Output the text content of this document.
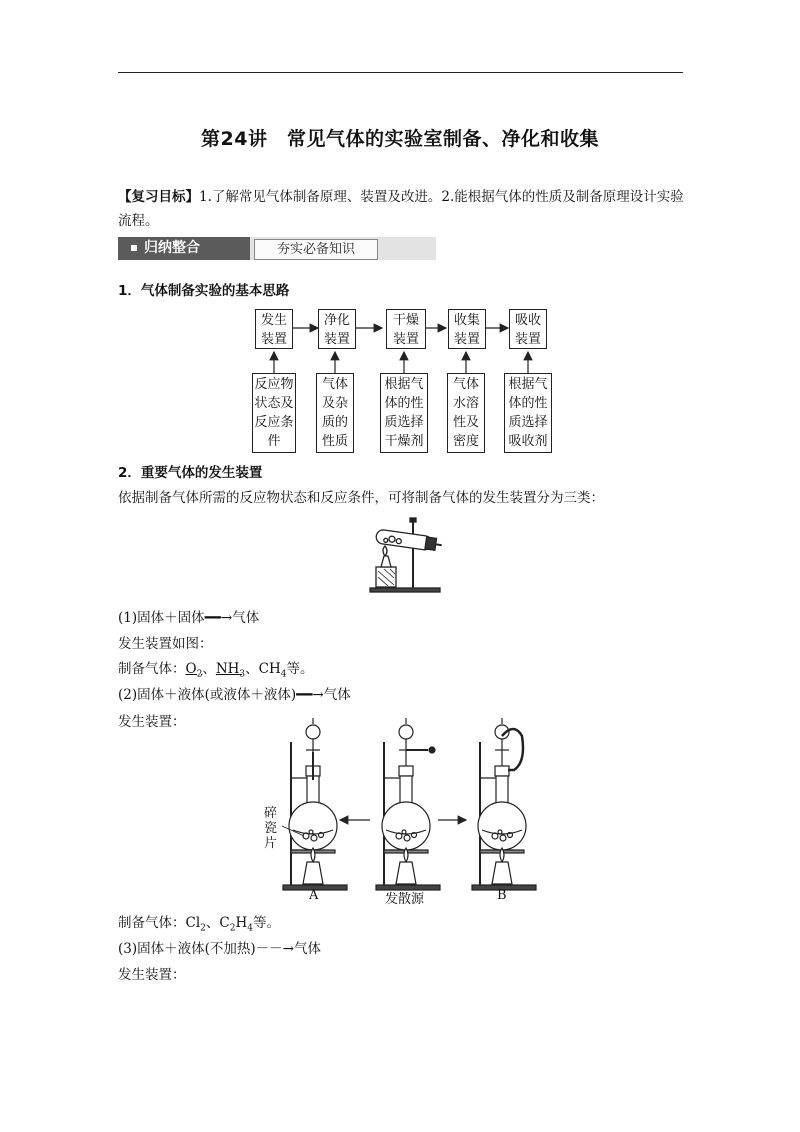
第24讲　常见气体的实验室制备、净化和收集
【复习目标】1.了解常见气体制备原理、装置及改进。2.能根据气体的性质及制备原理设计实验流程。
归纳整合	夯实必备知识
1．气体制备实验的基本思路
发生
装置
净化
装置
干燥
装置
收集
装置
吸收
装置
反应物
状态及
反应条
件
气体
及杂
质的
性质
根据气
体的性
质选择
干燥剂
气体
水溶
性及
密度
根据气
体的性
质选择
吸收剂
2．重要气体的发生装置
依据制备气体所需的反应物状态和反应条件，可将制备气体的发生装置分为三类：
(1)固体＋固体━━→气体
发生装置如图：
制备气体：$O_2$、$NH_3$、$CH_4$等。
(2)固体＋液体(或液体＋液体)━━→气体
发生装置：
碎
瓷
片
A	发散源	B
制备气体：$Cl_2$、$C_2H_4$等。
(3)固体＋液体(不加热)－－→气体
发生装置：
